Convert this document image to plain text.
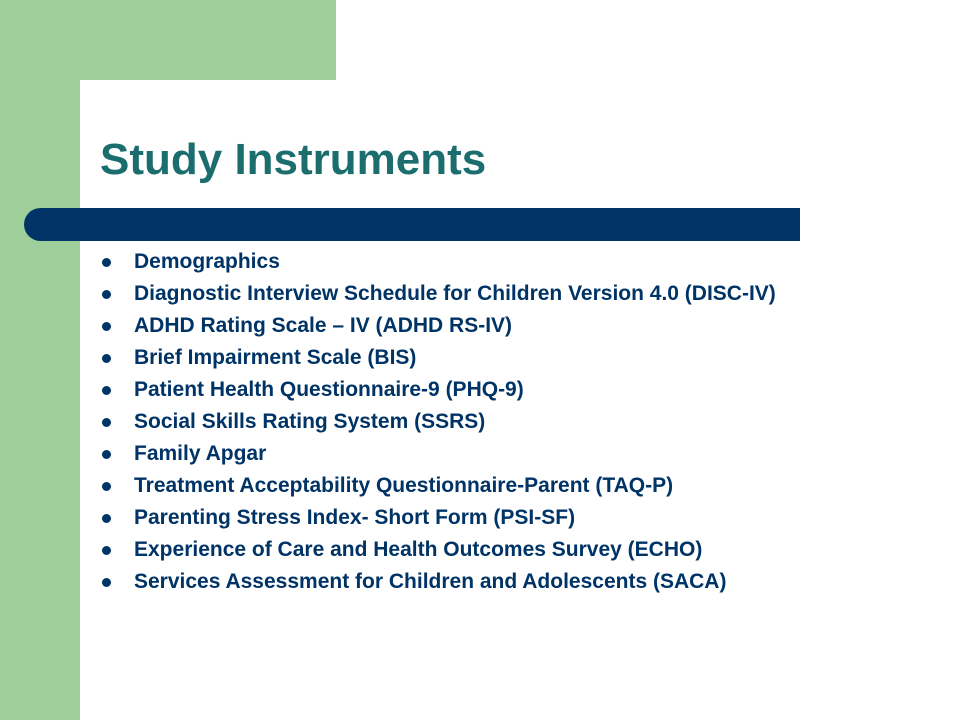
Study Instruments
Demographics
Diagnostic Interview Schedule for Children Version 4.0 (DISC-IV)
ADHD Rating Scale – IV (ADHD RS-IV)
Brief Impairment Scale (BIS)
Patient Health Questionnaire-9 (PHQ-9)
Social Skills Rating System (SSRS)
Family Apgar
Treatment Acceptability Questionnaire-Parent (TAQ-P)
Parenting Stress Index- Short Form (PSI-SF)
Experience of Care and Health Outcomes Survey (ECHO)
Services Assessment for Children and Adolescents (SACA)
